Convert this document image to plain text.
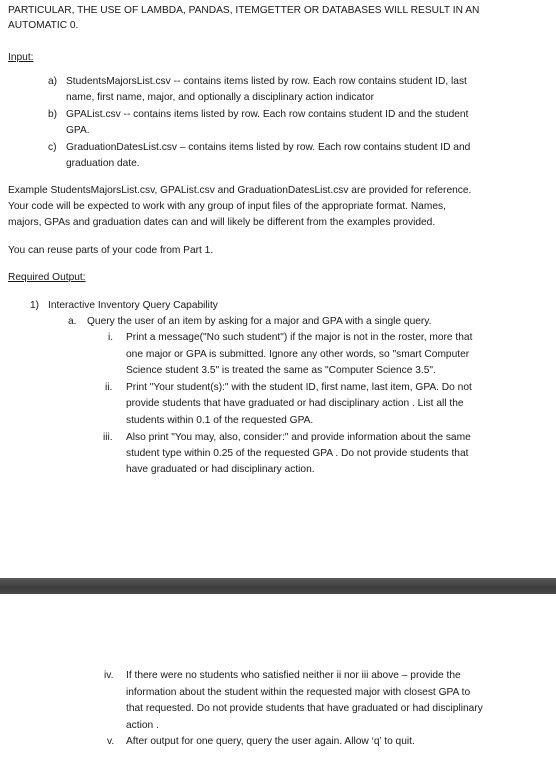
PARTICULAR, THE USE OF LAMBDA, PANDAS, ITEMGETTER OR DATABASES WILL RESULT IN AN
AUTOMATIC 0.
Input:
a) StudentsMajorsList.csv -- contains items listed by row. Each row contains student ID, last
name, first name, major, and optionally a disciplinary action indicator
b) GPAList.csv -- contains items listed by row. Each row contains student ID and the student
GPA.
c) GraduationDatesList.csv – contains items listed by row. Each row contains student ID and
graduation date.
Example StudentsMajorsList.csv, GPAList.csv and GraduationDatesList.csv are provided for reference.
Your code will be expected to work with any group of input files of the appropriate format. Names,
majors, GPAs and graduation dates can and will likely be different from the examples provided.
You can reuse parts of your code from Part 1.
Required Output:
1) Interactive Inventory Query Capability
a. Query the user of an item by asking for a major and GPA with a single query.
i. Print a message("No such student") if the major is not in the roster, more that
one major or GPA is submitted. Ignore any other words, so "smart Computer
Science student 3.5" is treated the same as "Computer Science 3.5".
ii. Print "Your student(s):" with the student ID, first name, last item, GPA. Do not
provide students that have graduated or had disciplinary action . List all the
students within 0.1 of the requested GPA.
iii. Also print "You may, also, consider:" and provide information about the same
student type within 0.25 of the requested GPA . Do not provide students that
have graduated or had disciplinary action.
iv. If there were no students who satisfied neither ii nor iii above – provide the
information about the student within the requested major with closest GPA to
that requested. Do not provide students that have graduated or had disciplinary
action .
v. After output for one query, query the user again. Allow ‘q’ to quit.
